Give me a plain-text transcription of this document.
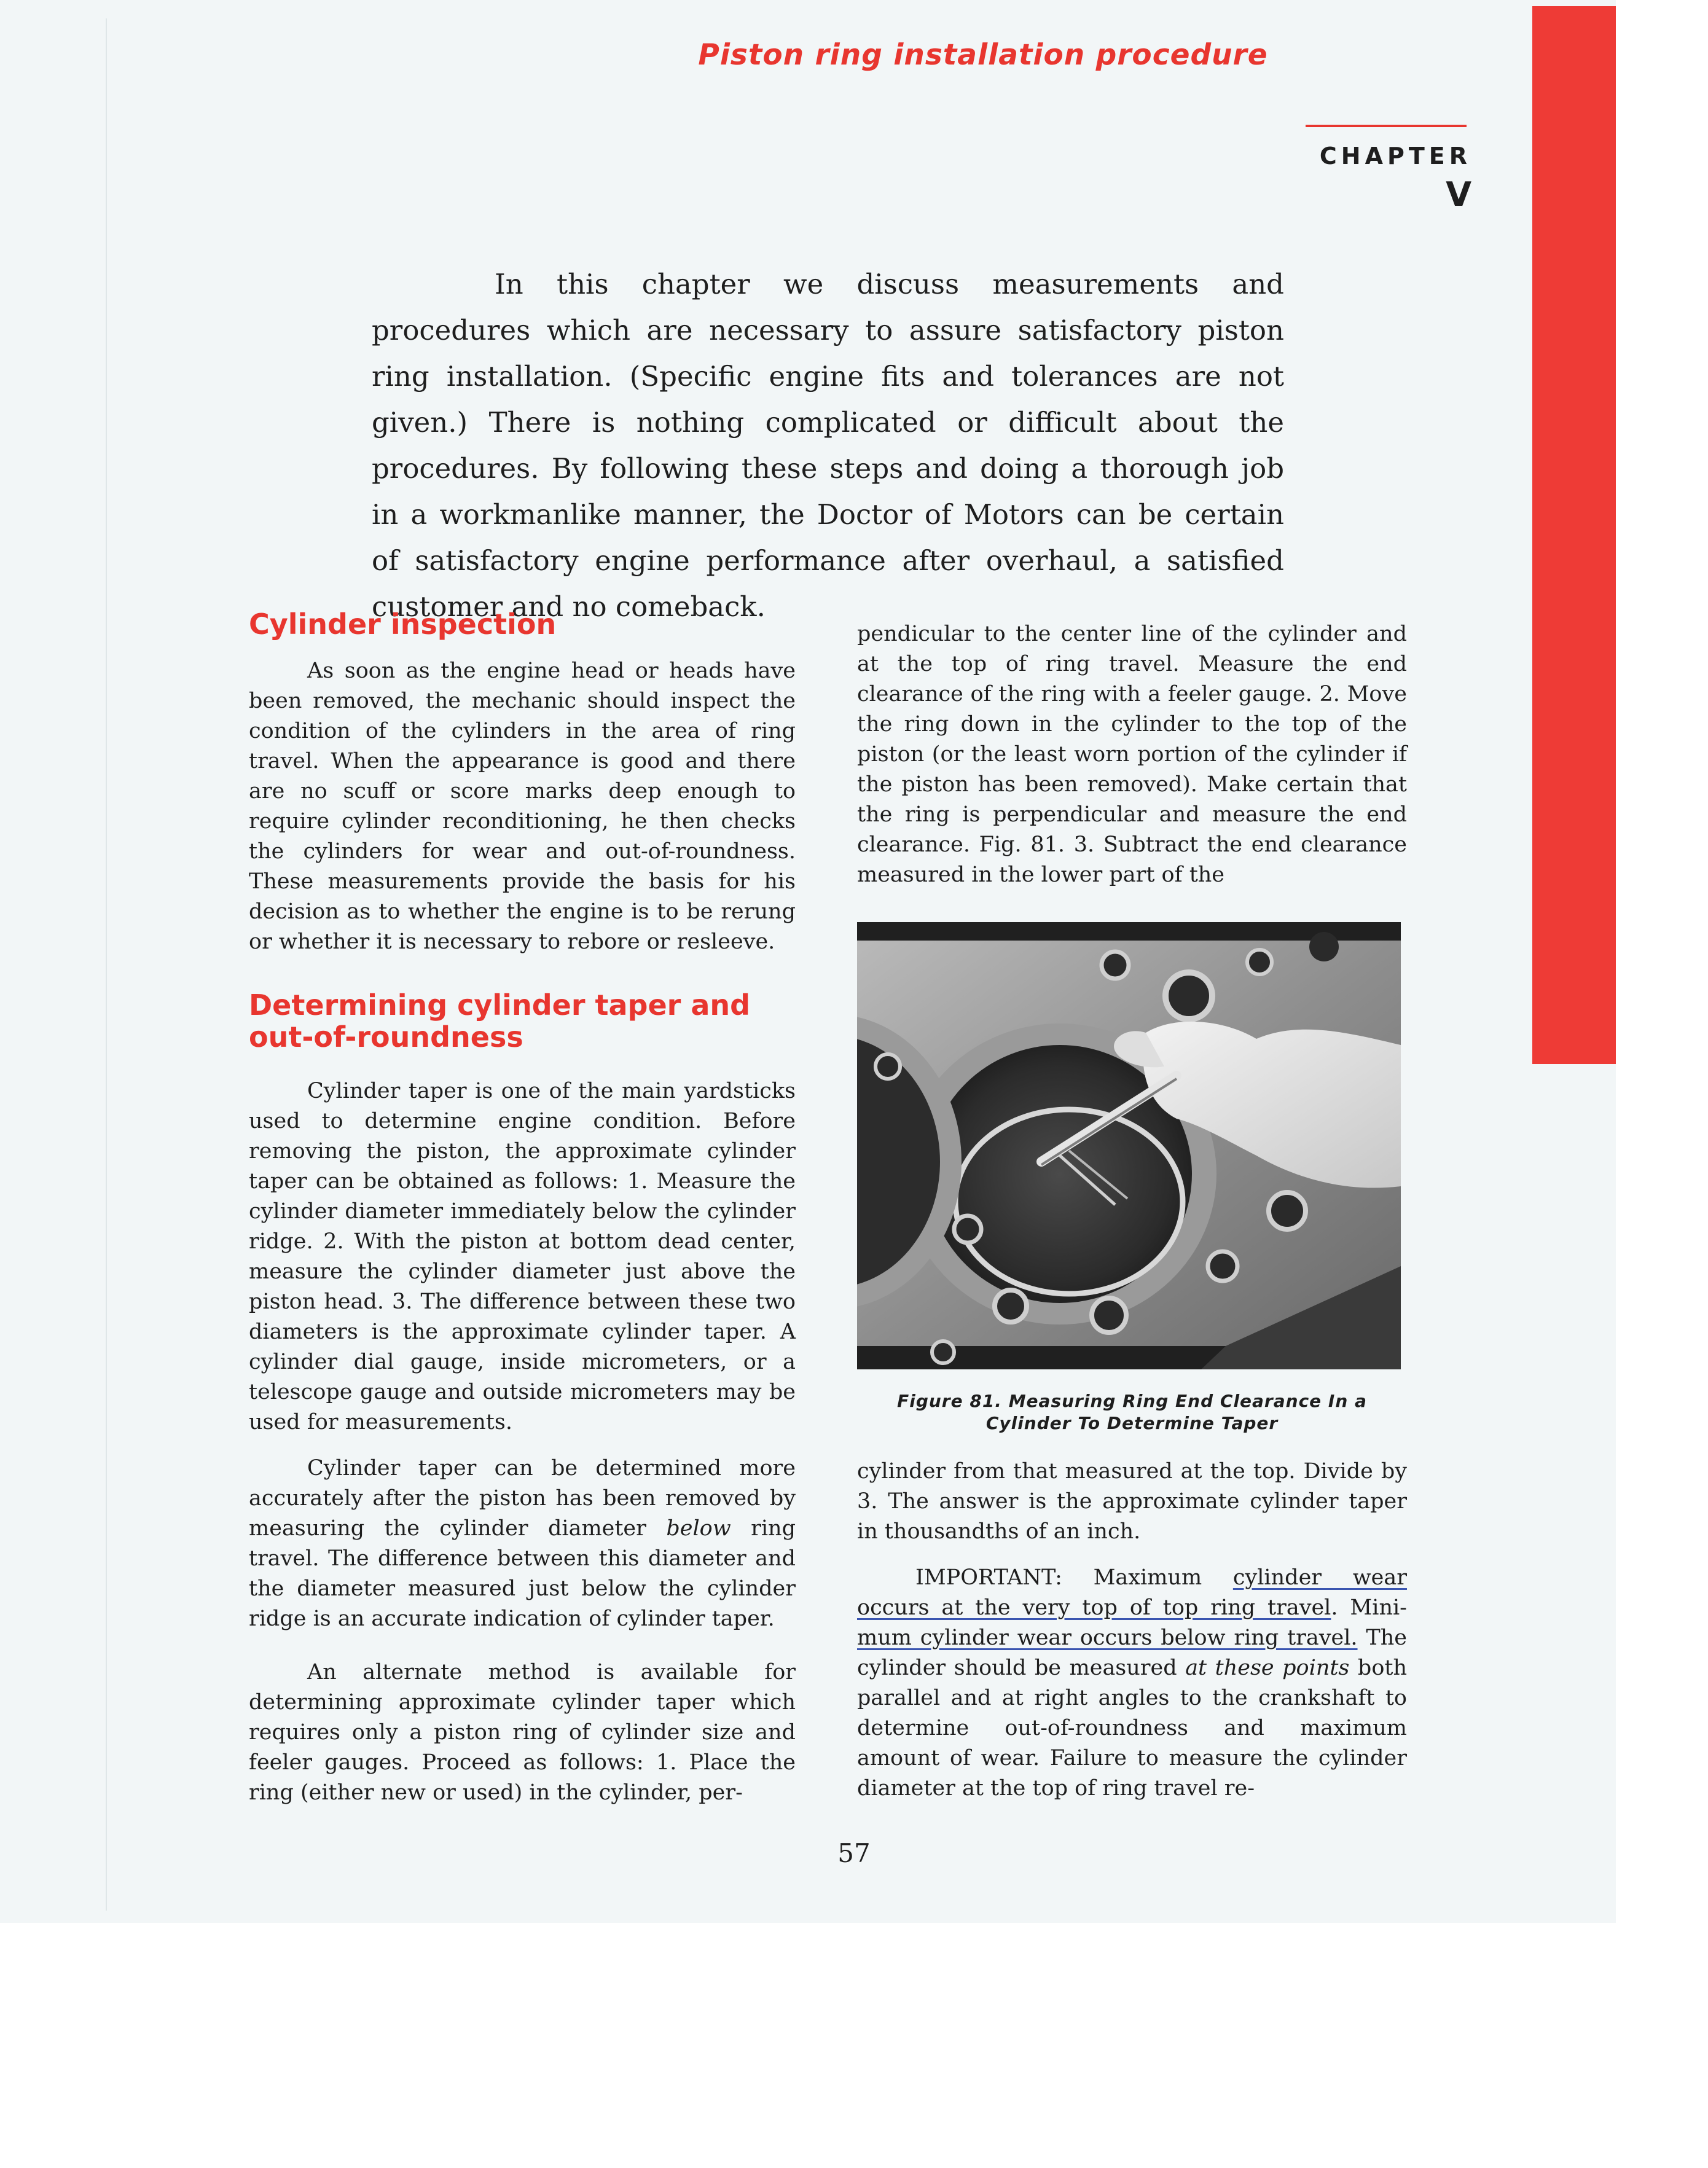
Piston ring installation procedure
CHAPTER
V

In this chapter we discuss measurements and procedures which are necessary to assure satisfactory piston ring installation. (Specific engine fits and tolerances are not given.) There is nothing complicated or difficult about the procedures. By following these steps and doing a thorough job in a workmanlike manner, the Doctor of Motors can be certain of satisfactory engine performance after overhaul, a satisfied customer and no comeback.

Cylinder inspection

As soon as the engine head or heads have been removed, the mechanic should inspect the condition of the cylinders in the area of ring travel. When the appearance is good and there are no scuff or score marks deep enough to require cylinder reconditioning, he then checks the cylinders for wear and out-of-roundness. These measurements provide the basis for his decision as to whether the engine is to be rerung or whether it is necessary to rebore or resleeve.

Determining cylinder taper and out-of-roundness

Cylinder taper is one of the main yardsticks used to determine engine condition. Before removing the piston, the approximate cylinder taper can be obtained as follows: 1. Measure the cylinder diameter immediately below the cylinder ridge. 2. With the piston at bottom dead center, measure the cylinder diameter just above the piston head. 3. The difference between these two diameters is the approximate cylinder taper. A cylinder dial gauge, inside micrometers, or a telescope gauge and outside micrometers may be used for measurements.

Cylinder taper can be determined more accurately after the piston has been removed by measuring the cylinder diameter below ring travel. The difference between this diameter and the diameter measured just below the cylinder ridge is an accurate indication of cylinder taper.

An alternate method is available for determining approximate cylinder taper which requires only a piston ring of cylinder size and feeler gauges. Proceed as follows: 1. Place the ring (either new or used) in the cylinder, per-

pendicular to the center line of the cylinder and at the top of ring travel. Measure the end clearance of the ring with a feeler gauge. 2. Move the ring down in the cylinder to the top of the piston (or the least worn portion of the cylinder if the piston has been removed). Make certain that the ring is perpendicular and measure the end clearance. Fig. 81. 3. Subtract the end clearance measured in the lower part of the

Figure 81. Measuring Ring End Clearance In a
Cylinder To Determine Taper

cylinder from that measured at the top. Divide by 3. The answer is the approximate cylinder taper in thousandths of an inch.

IMPORTANT: Maximum cylinder wear occurs at the very top of top ring travel. Mini- mum cylinder wear occurs below ring travel. The cylinder should be measured at these points both parallel and at right angles to the crankshaft to determine out-of-roundness and maximum amount of wear. Failure to measure the cylinder diameter at the top of ring travel re-

57
